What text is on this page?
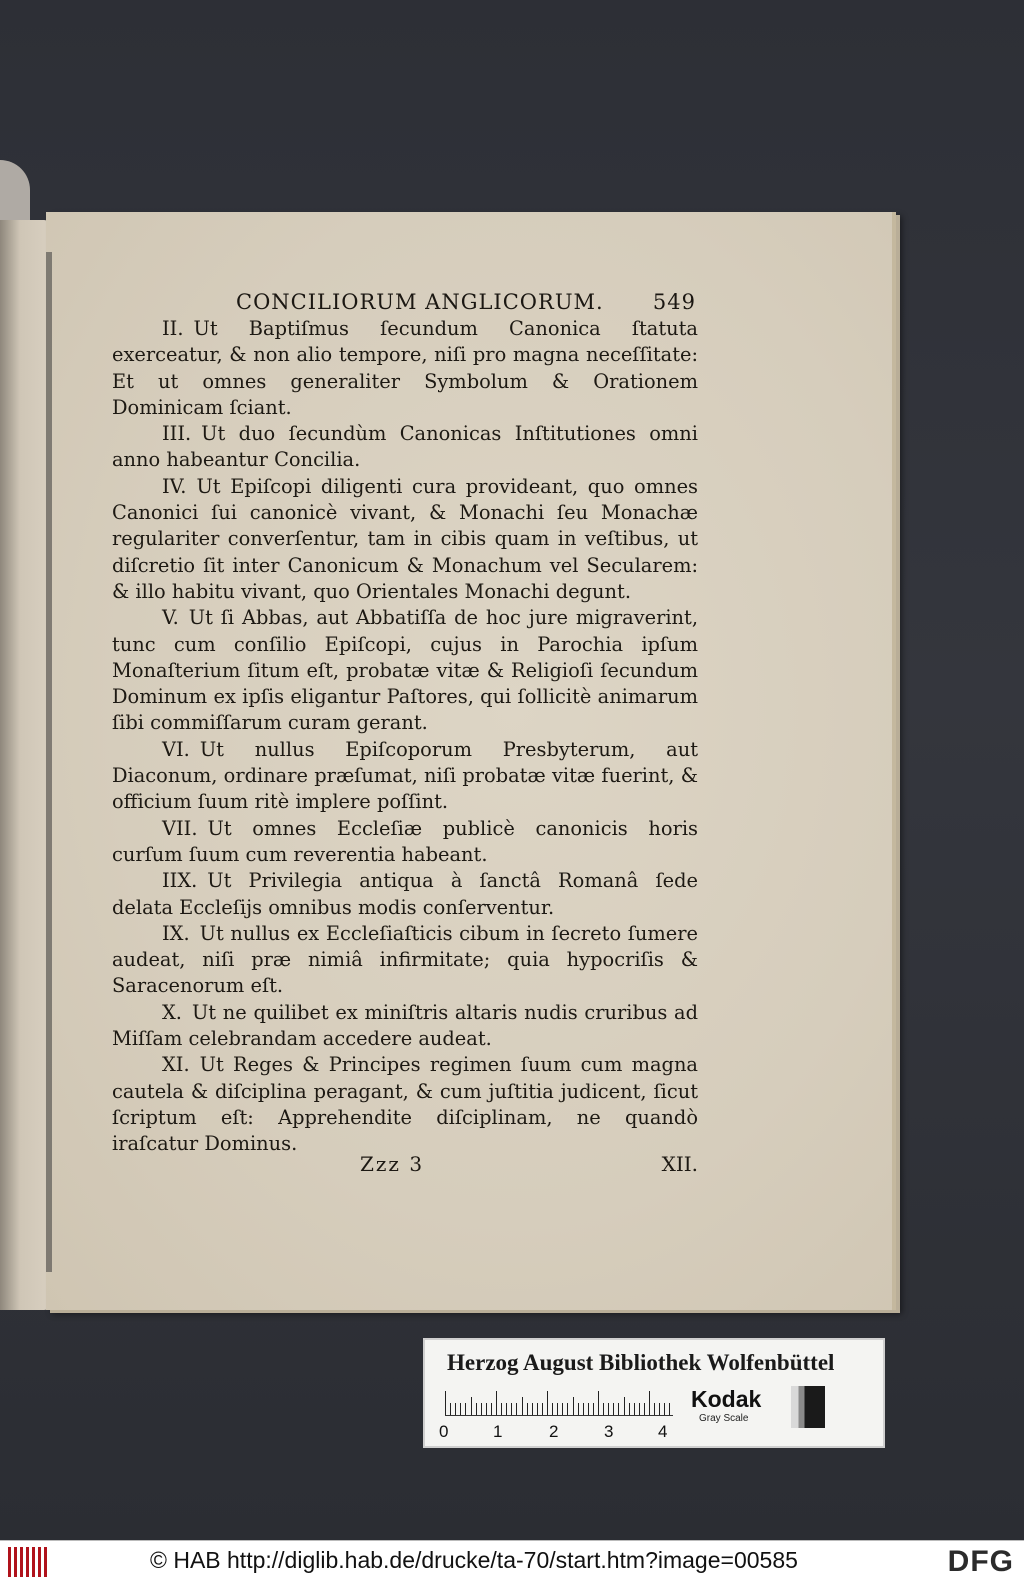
CONCILIORUM ANGLICORUM. 549

II. Ut Baptiſmus ſecundum Canonica ſtatuta exerceatur, & non alio tempore, niſi pro magna neceſſitate: Et ut omnes generaliter Symbolum & Orationem Dominicam ſciant.

III. Ut duo ſecundùm Canonicas Inſtitutiones omni anno habeantur Concilia.

IV. Ut Epiſcopi diligenti cura provideant, quo omnes Canonici ſui canonicè vivant, & Monachi ſeu Monachæ regulariter converſentur, tam in cibis quam in veſtibus, ut diſcretio ſit inter Canonicum & Monachum vel Secularem: & illo habitu vivant, quo Orientales Monachi degunt.

V. Ut ſi Abbas, aut Abbatiſſa de hoc jure migraverint, tunc cum conſilio Epiſcopi, cujus in Parochia ipſum Monaſterium ſitum eſt, probatæ vitæ & Religioſi ſecundum Dominum ex ipſis eligantur Paſtores, qui ſollicitè animarum ſibi commiſſarum curam gerant.

VI. Ut nullus Epiſcoporum Presbyterum, aut Diaconum, ordinare præſumat, niſi probatæ vitæ fuerint, & officium ſuum ritè implere poſſint.

VII. Ut omnes Eccleſiæ publicè canonicis horis curſum ſuum cum reverentia habeant.

IIX. Ut Privilegia antiqua à ſanctâ Romanâ ſede delata Eccleſijs omnibus modis conſerventur.

IX. Ut nullus ex Eccleſiaſticis cibum in ſecreto ſumere audeat, niſi præ nimiâ infirmitate; quia hypocriſis & Saracenorum eſt.

X. Ut ne quilibet ex miniſtris altaris nudis cruribus ad Miſſam celebrandam accedere audeat.

XI. Ut Reges & Principes regimen ſuum cum magna cautela & diſciplina peragant, & cum juſtitia judicent, ſicut ſcriptum eſt: Apprehendite diſciplinam, ne quandò iraſcatur Dominus.

Zzz 3	XII.
Herzog August Bibliothek Wolfenbüttel
0	1	2	3	4
Kodak
Gray Scale
© HAB http://diglib.hab.de/drucke/ta-70/start.htm?image=00585	DFG
